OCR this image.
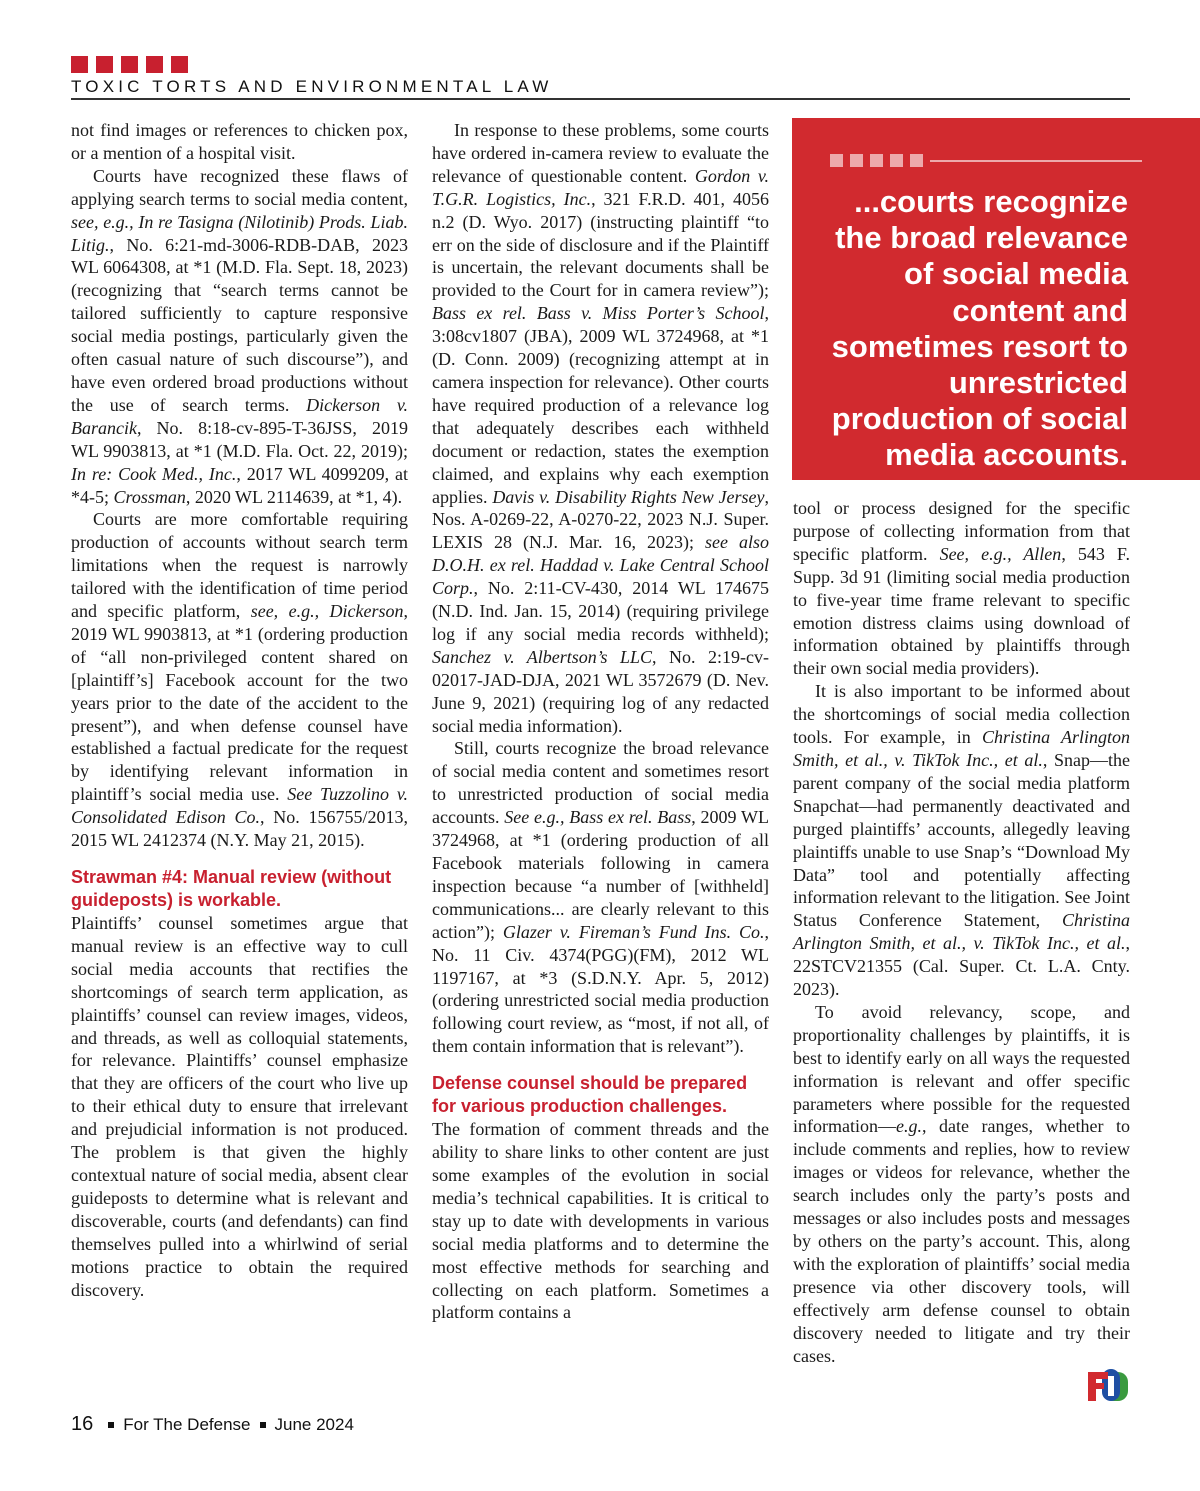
TOXIC TORTS AND ENVIRONMENTAL LAW

not find images or references to chicken pox, or a mention of a hospital visit.

Courts have recognized these flaws of applying search terms to social media content, see, e.g., In re Tasigna (Nilotinib) Prods. Liab. Litig., No. 6:21-md-3006-RDB-DAB, 2023 WL 6064308, at *1 (M.D. Fla. Sept. 18, 2023) (recognizing that “search terms cannot be tailored sufficiently to capture responsive social media postings, particularly given the often casual nature of such discourse”), and have even ordered broad productions without the use of search terms. Dickerson v. Barancik, No. 8:18-cv-895-T-36JSS, 2019 WL 9903813, at *1 (M.D. Fla. Oct. 22, 2019); In re: Cook Med., Inc., 2017 WL 4099209, at *4-5; Crossman, 2020 WL 2114639, at *1, 4).

Courts are more comfortable requiring production of accounts without search term limitations when the request is narrowly tailored with the identification of time period and specific platform, see, e.g., Dickerson, 2019 WL 9903813, at *1 (ordering production of “all non-privileged content shared on [plaintiff’s] Facebook account for the two years prior to the date of the accident to the present”), and when defense counsel have established a factual predicate for the request by identifying relevant information in plaintiff’s social media use. See Tuzzolino v. Consolidated Edison Co., No. 156755/2013, 2015 WL 2412374 (N.Y. May 21, 2015).

Strawman #4: Manual review (without guideposts) is workable.

Plaintiffs’ counsel sometimes argue that manual review is an effective way to cull social media accounts that rectifies the shortcomings of search term application, as plaintiffs’ counsel can review images, videos, and threads, as well as colloquial statements, for relevance. Plaintiffs’ counsel emphasize that they are officers of the court who live up to their ethical duty to ensure that irrelevant and prejudicial information is not produced. The problem is that given the highly contextual nature of social media, absent clear guideposts to determine what is relevant and discoverable, courts (and defendants) can find themselves pulled into a whirlwind of serial motions practice to obtain the required discovery.

In response to these problems, some courts have ordered in-camera review to evaluate the relevance of questionable content. Gordon v. T.G.R. Logistics, Inc., 321 F.R.D. 401, 4056 n.2 (D. Wyo. 2017) (instructing plaintiff “to err on the side of disclosure and if the Plaintiff is uncertain, the relevant documents shall be provided to the Court for in camera review”); Bass ex rel. Bass v. Miss Porter’s School, 3:08cv1807 (JBA), 2009 WL 3724968, at *1 (D. Conn. 2009) (recognizing attempt at in camera inspection for relevance). Other courts have required production of a relevance log that adequately describes each withheld document or redaction, states the exemption claimed, and explains why each exemption applies. Davis v. Disability Rights New Jersey, Nos. A-0269-22, A-0270-22, 2023 N.J. Super. LEXIS 28 (N.J. Mar. 16, 2023); see also D.O.H. ex rel. Haddad v. Lake Central School Corp., No. 2:11-CV-430, 2014 WL 174675 (N.D. Ind. Jan. 15, 2014) (requiring privilege log if any social media records withheld); Sanchez v. Albertson’s LLC, No. 2:19-cv-02017-JAD-DJA, 2021 WL 3572679 (D. Nev. June 9, 2021) (requiring log of any redacted social media information).

Still, courts recognize the broad relevance of social media content and sometimes resort to unrestricted production of social media accounts. See e.g., Bass ex rel. Bass, 2009 WL 3724968, at *1 (ordering production of all Facebook materials following in camera inspection because “a number of [withheld] communications... are clearly relevant to this action”); Glazer v. Fireman’s Fund Ins. Co., No. 11 Civ. 4374(PGG)(FM), 2012 WL 1197167, at *3 (S.D.N.Y. Apr. 5, 2012) (ordering unrestricted social media production following court review, as “most, if not all, of them contain information that is relevant”).

Defense counsel should be prepared for various production challenges.

The formation of comment threads and the ability to share links to other content are just some examples of the evolution in social media’s technical capabilities. It is critical to stay up to date with developments in various social media platforms and to determine the most effective methods for searching and collecting on each platform. Sometimes a platform contains a

...courts recognize the broad relevance of social media content and sometimes resort to unrestricted production of social media accounts.

tool or process designed for the specific purpose of collecting information from that specific platform. See, e.g., Allen, 543 F. Supp. 3d 91 (limiting social media production to five-year time frame relevant to specific emotion distress claims using download of information obtained by plaintiffs through their own social media providers).

It is also important to be informed about the shortcomings of social media collection tools. For example, in Christina Arlington Smith, et al., v. TikTok Inc., et al., Snap—the parent company of the social media platform Snapchat—had permanently deactivated and purged plaintiffs’ accounts, allegedly leaving plaintiffs unable to use Snap’s “Download My Data” tool and potentially affecting information relevant to the litigation. See Joint Status Conference Statement, Christina Arlington Smith, et al., v. TikTok Inc., et al., 22STCV21355 (Cal. Super. Ct. L.A. Cnty. 2023).

To avoid relevancy, scope, and proportionality challenges by plaintiffs, it is best to identify early on all ways the requested information is relevant and offer specific parameters where possible for the requested information—e.g., date ranges, whether to include comments and replies, how to review images or videos for relevance, whether the search includes only the party’s posts and messages or also includes posts and messages by others on the party’s account. This, along with the exploration of plaintiffs’ social media presence via other discovery tools, will effectively arm defense counsel to obtain discovery needed to litigate and try their cases.

16 For The Defense June 2024
